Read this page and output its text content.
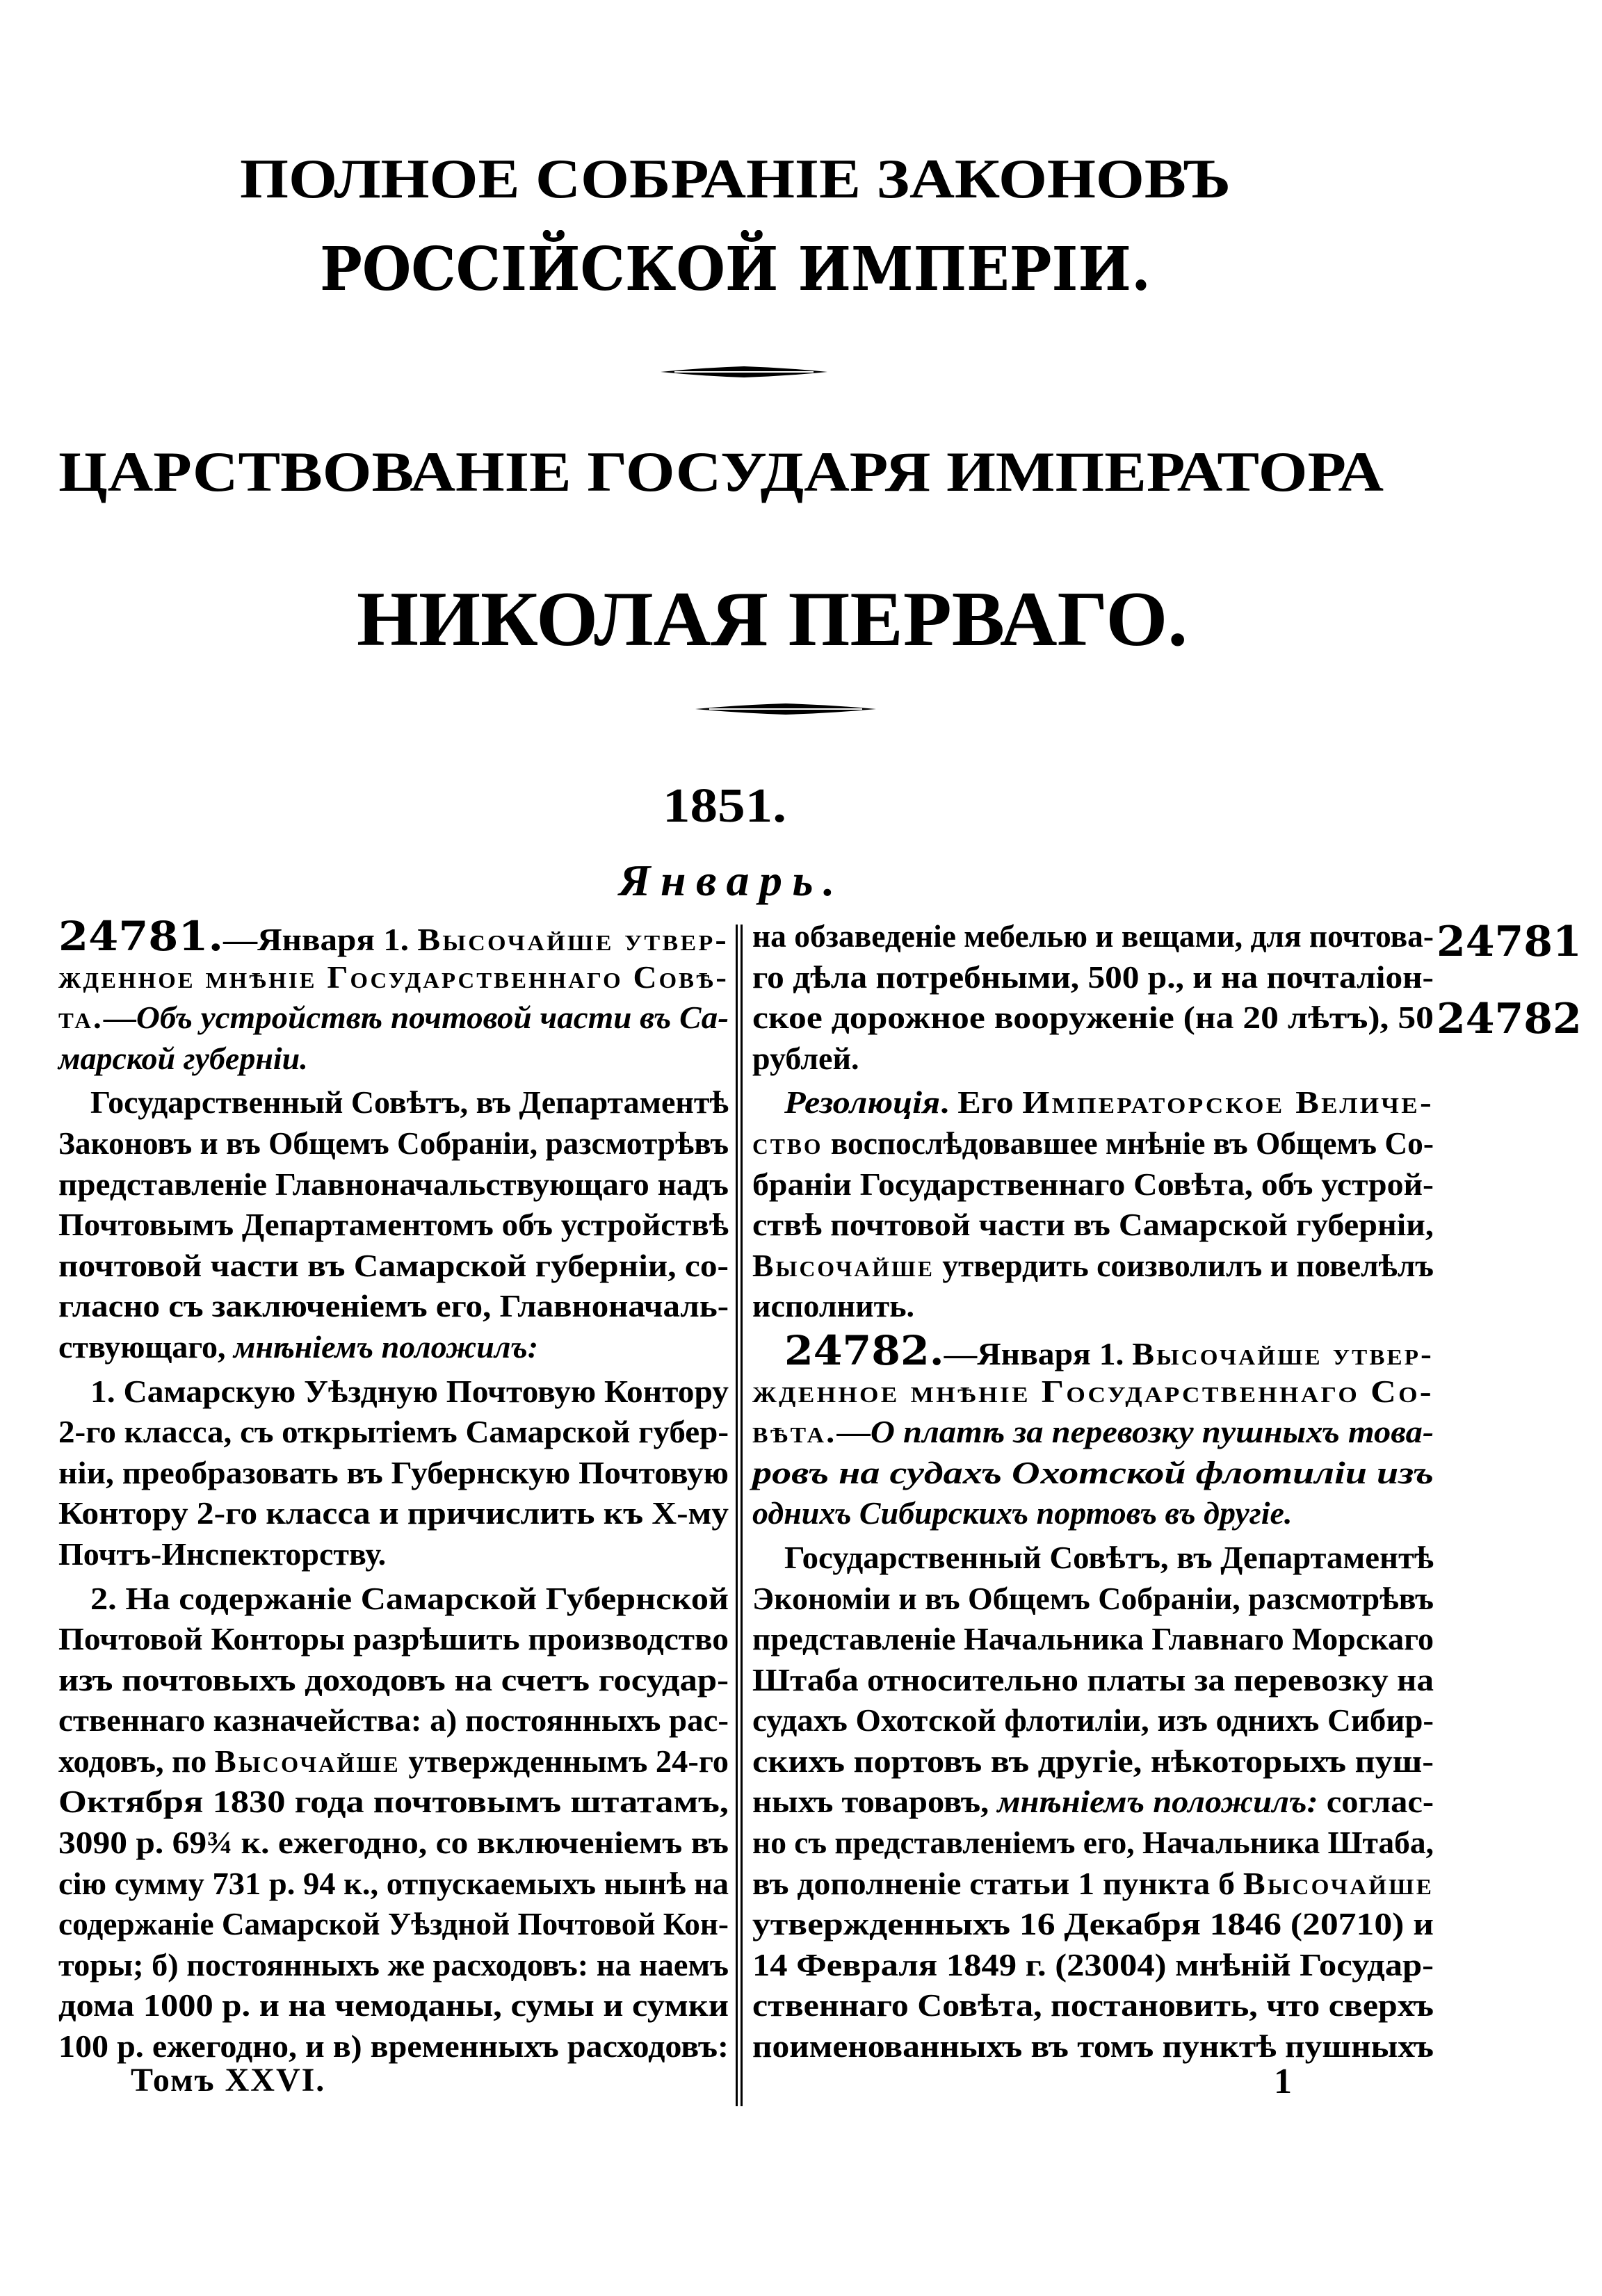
ПОЛНОЕ СОБРАНІЕ ЗАКОНОВЪ
РОССІЙСКОЙ ИМПЕРІИ.
ЦАРСТВОВАНІЕ ГОСУДАРЯ ИМПЕРАТОРА
НИКОЛАЯ ПЕРВАГО.
1851.
Январь.
24781.—Января 1. Высочайше утвер-
жденное мнѣніе Государственнаго Совѣ-
та.—Объ устройствѣ почтовой части въ Са-
марской губерніи.
Государственный Совѣтъ, въ Департаментѣ
Законовъ и въ Общемъ Собраніи, разсмотрѣвъ
представленіе Главноначальствующаго надъ
Почтовымъ Департаментомъ объ устройствѣ
почтовой части въ Самарской губерніи, со-
гласно съ заключеніемъ его, Главноначаль-
ствующаго, мнѣніемъ положилъ:
1. Самарскую Уѣздную Почтовую Контору
2-го класса, съ открытіемъ Самарской губер-
ніи, преобразовать въ Губернскую Почтовую
Контору 2-го класса и причислить къ X-му
Почтъ-Инспекторству.
2. На содержаніе Самарской Губернской
Почтовой Конторы разрѣшить производство
изъ почтовыхъ доходовъ на счетъ государ-
ственнаго казначейства: а) постоянныхъ рас-
ходовъ, по Высочайше утвержденнымъ 24-го
Октября 1830 года почтовымъ штатамъ,
3090 р. 69¾ к. ежегодно, со включеніемъ въ
сію сумму 731 р. 94 к., отпускаемыхъ нынѣ на
содержаніе Самарской Уѣздной Почтовой Кон-
торы; б) постоянныхъ же расходовъ: на наемъ
дома 1000 р. и на чемоданы, сумы и сумки
100 р. ежегодно, и в) временныхъ расходовъ:
на обзаведеніе мебелью и вещами, для почтова-
го дѣла потребными, 500 р., и на почталіон-
ское дорожное вооруженіе (на 20 лѣтъ), 50
рублей.
Резолюція. Его Императорское Величе-
ство воспослѣдовавшее мнѣніе въ Общемъ Со-
браніи Государственнаго Совѣта, объ устрой-
ствѣ почтовой части въ Самарской губерніи,
Высочайше утвердить соизволилъ и повелѣлъ
исполнить.
24782.—Января 1. Высочайше утвер-
жденное мнѣніе Государственнаго Со-
вѣта.—О платѣ за перевозку пушныхъ това-
ровъ на судахъ Охотской флотиліи изъ
однихъ Сибирскихъ портовъ въ другіе.
Государственный Совѣтъ, въ Департаментѣ
Экономіи и въ Общемъ Собраніи, разсмотрѣвъ
представленіе Начальника Главнаго Морскаго
Штаба относительно платы за перевозку на
судахъ Охотской флотиліи, изъ однихъ Сибир-
скихъ портовъ въ другіе, нѣкоторыхъ пуш-
ныхъ товаровъ, мнѣніемъ положилъ: соглас-
но съ представленіемъ его, Начальника Штаба,
въ дополненіе статьи 1 пункта б Высочайше
утвержденныхъ 16 Декабря 1846 (20710) и
14 Февраля 1849 г. (23004) мнѣній Государ-
ственнаго Совѣта, постановить, что сверхъ
поименованныхъ въ томъ пунктѣ пушныхъ
24781
24782
Томъ XXVI.	1
